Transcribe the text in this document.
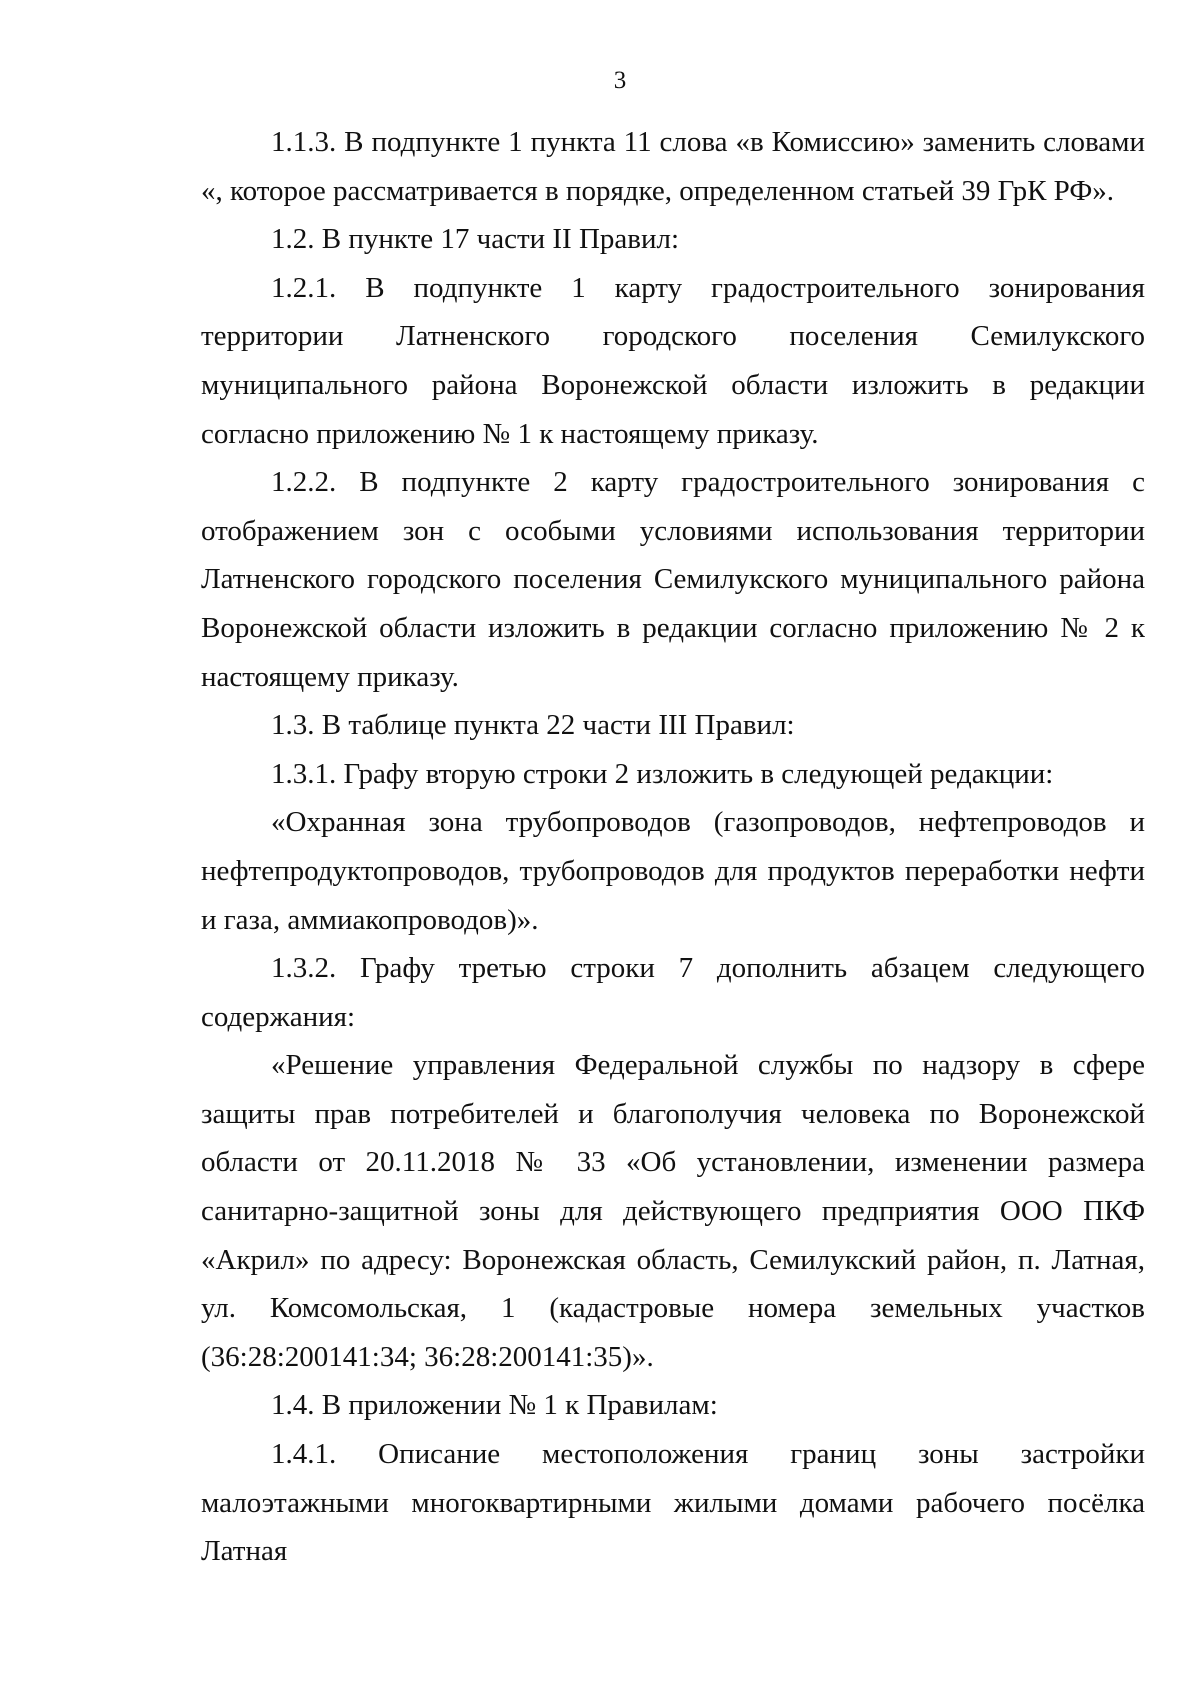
3

1.1.3. В подпункте 1 пункта 11 слова «в Комиссию» заменить словами «, которое рассматривается в порядке, определенном статьей 39 ГрК РФ».

1.2. В пункте 17 части II Правил:

1.2.1. В подпункте 1 карту градостроительного зонирования территории Латненского городского поселения Семилукского муниципального района Воронежской области изложить в редакции согласно приложению № 1 к настоящему приказу.

1.2.2. В подпункте 2 карту градостроительного зонирования с отображением зон с особыми условиями использования территории Латненского городского поселения Семилукского муниципального района Воронежской области изложить в редакции согласно приложению № 2 к настоящему приказу.

1.3. В таблице пункта 22 части III Правил:

1.3.1. Графу вторую строки 2 изложить в следующей редакции:

«Охранная зона трубопроводов (газопроводов, нефтепроводов и нефтепродуктопроводов, трубопроводов для продуктов переработки нефти и газа, аммиакопроводов)».

1.3.2. Графу третью строки 7 дополнить абзацем следующего содержания:

«Решение управления Федеральной службы по надзору в сфере защиты прав потребителей и благополучия человека по Воронежской области от 20.11.2018 № 33 «Об установлении, изменении размера санитарно-защитной зоны для действующего предприятия ООО ПКФ «Акрил» по адресу: Воронежская область, Семилукский район, п. Латная, ул. Комсомольская, 1 (кадастровые номера земельных участков (36:28:200141:34; 36:28:200141:35)».

1.4. В приложении № 1 к Правилам:

1.4.1. Описание местоположения границ зоны застройки малоэтажными многоквартирными жилыми домами рабочего посёлка Латная
